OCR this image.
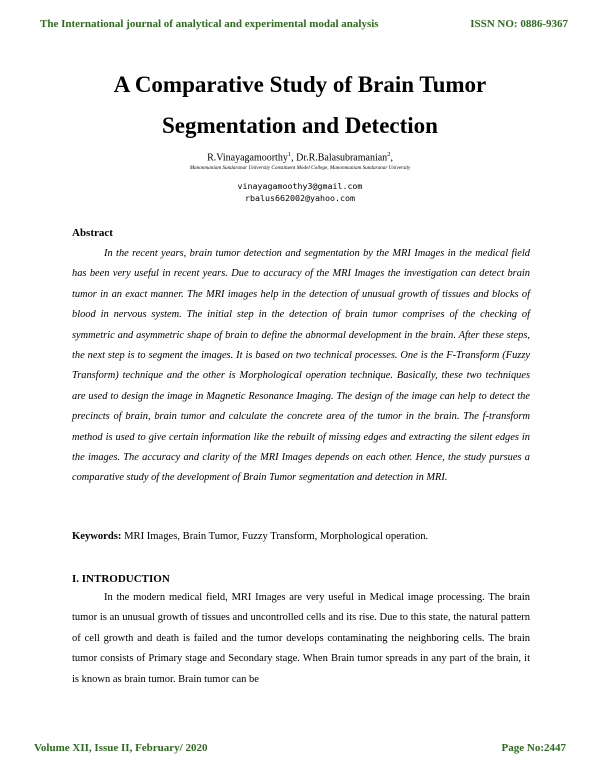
The International journal of analytical and experimental modal analysis	ISSN NO: 0886-9367
A Comparative Study of Brain Tumor
Segmentation and Detection
R.Vinayagamoorthy$^1$, Dr.R.Balasubramanian$^2$,
Manonmaniam Sundaranar University Constituent Model College, Manonmaniam Sundaranar University
vinayagamoothy3@gmail.com
rbalus662002@yahoo.com
Abstract
In the recent years, brain tumor detection and segmentation by the MRI Images in the medical field has been very useful in recent years. Due to accuracy of the MRI Images the investigation can detect brain tumor in an exact manner. The MRI images help in the detection of unusual growth of tissues and blocks of blood in nervous system. The initial step in the detection of brain tumor comprises of the checking of symmetric and asymmetric shape of brain to define the abnormal development in the brain. After these steps, the next step is to segment the images. It is based on two technical processes. One is the F-Transform (Fuzzy Transform) technique and the other is Morphological operation technique. Basically, these two techniques are used to design the image in Magnetic Resonance Imaging. The design of the image can help to detect the precincts of brain, brain tumor and calculate the concrete area of the tumor in the brain. The f-transform method is used to give certain information like the rebuilt of missing edges and extracting the silent edges in the images. The accuracy and clarity of the MRI Images depends on each other. Hence, the study pursues a comparative study of the development of Brain Tumor segmentation and detection in MRI.
Keywords: MRI Images, Brain Tumor, Fuzzy Transform, Morphological operation.
I. INTRODUCTION
In the modern medical field, MRI Images are very useful in Medical image processing. The brain tumor is an unusual growth of tissues and uncontrolled cells and its rise. Due to this state, the natural pattern of cell growth and death is failed and the tumor develops contaminating the neighboring cells. The brain tumor consists of Primary stage and Secondary stage. When Brain tumor spreads in any part of the brain, it is known as brain tumor. Brain tumor can be
Volume XII, Issue II, February/ 2020	Page No:2447
